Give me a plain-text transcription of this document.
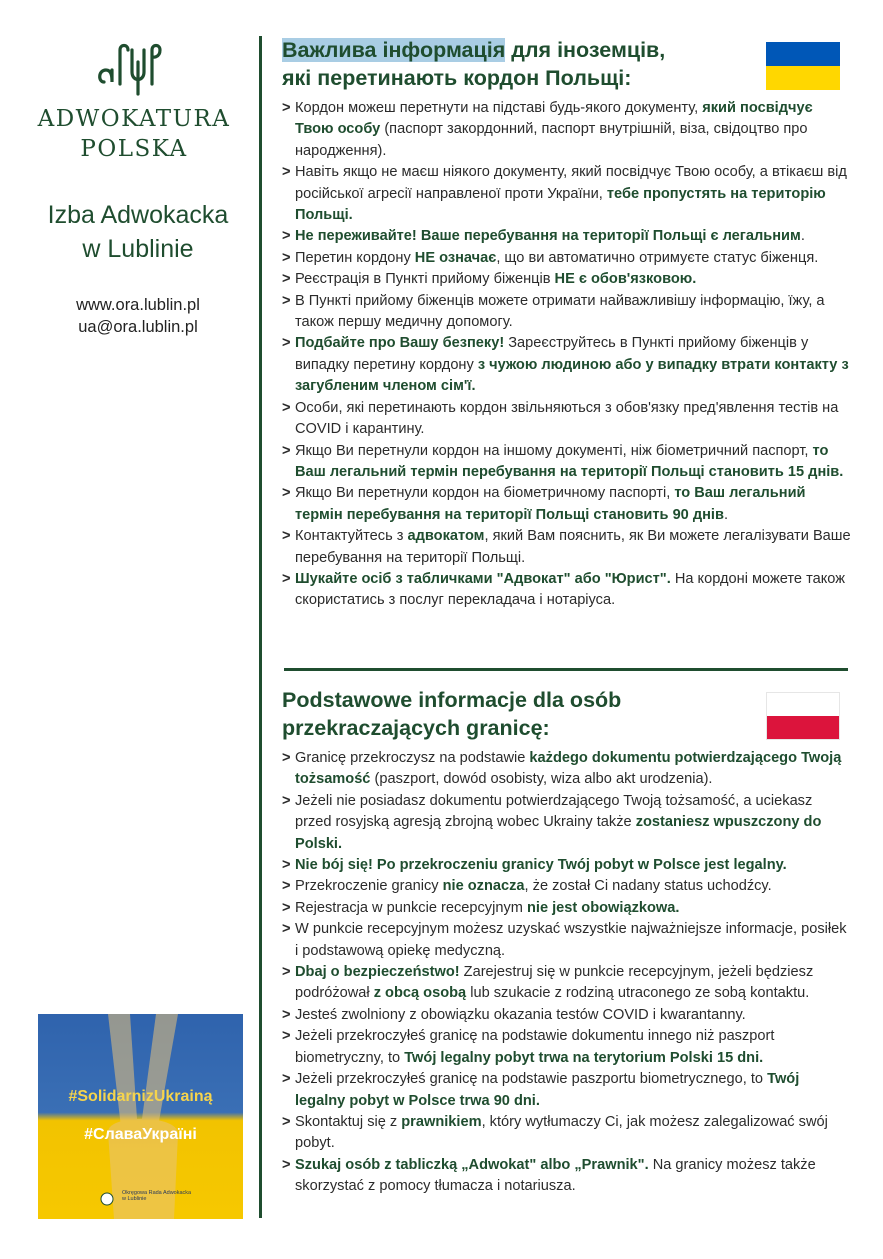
ADWOKATURA
POLSKA
Izba Adwokacka
w Lublinie
www.ora.lublin.pl
ua@ora.lublin.pl
#SolidarnizUkrainą
#СлаваУкраїні
Okręgowa Rada Adwokacka w Lublinie
Важлива інформація для іноземців,
які перетинають кордон Польщі:
> Кордон можеш перетнути на підставі будь-якого документу, який посвідчує Твою особу (паспорт закордонний, паспорт внутрішній, віза, свідоцтво про народження).
> Навіть якщо не маєш ніякого документу, який посвідчує Твою особу, а втікаєш від російської агресії направленої проти України, тебе пропустять на територію Польщі.
> Не переживайте! Ваше перебування на території Польщі є легальним.
> Перетин кордону НЕ означає, що ви автоматично отримуєте статус біженця.
> Реєстрація в Пункті прийому біженців НЕ є обов'язковою.
> В Пункті прийому біженців можете отримати найважливішу інформацію, їжу, а також першу медичну допомогу.
> Подбайте про Вашу безпеку! Зареєструйтесь в Пункті прийому біженців у випадку перетину кордону з чужою людиною або у випадку втрати контакту з загубленим членом сім'ї.
> Особи, які перетинають кордон звільняються з обов'язку пред'явлення тестів на COVID і карантину.
> Якщо Ви перетнули кордон на іншому документі, ніж біометричний паспорт, то Ваш легальний термін перебування на території Польщі становить 15 днів.
> Якщо Ви перетнули кордон на біометричному паспорті, то Ваш легальний термін перебування на території Польщі становить 90 днів.
> Контактуйтесь з адвокатом, який Вам пояснить, як Ви можете легалізувати Ваше перебування на території Польщі.
> Шукайте осіб з табличками "Адвокат" або "Юрист". На кордоні можете також скористатись з послуг перекладача і нотаріуса.
Podstawowe informacje dla osób
przekraczających granicę:
> Granicę przekroczysz na podstawie każdego dokumentu potwierdzającego Twoją tożsamość (paszport, dowód osobisty, wiza albo akt urodzenia).
> Jeżeli nie posiadasz dokumentu potwierdzającego Twoją tożsamość, a uciekasz przed rosyjską agresją zbrojną wobec Ukrainy także zostaniesz wpuszczony do Polski.
> Nie bój się! Po przekroczeniu granicy Twój pobyt w Polsce jest legalny.
> Przekroczenie granicy nie oznacza, że został Ci nadany status uchodźcy.
> Rejestracja w punkcie recepcyjnym nie jest obowiązkowa.
> W punkcie recepcyjnym możesz uzyskać wszystkie najważniejsze informacje, posiłek i podstawową opiekę medyczną.
> Dbaj o bezpieczeństwo! Zarejestruj się w punkcie recepcyjnym, jeżeli będziesz podróżował z obcą osobą lub szukacie z rodziną utraconego ze sobą kontaktu.
> Jesteś zwolniony z obowiązku okazania testów COVID i kwarantanny.
> Jeżeli przekroczyłeś granicę na podstawie dokumentu innego niż paszport biometryczny, to Twój legalny pobyt trwa na terytorium Polski 15 dni.
> Jeżeli przekroczyłeś granicę na podstawie paszportu biometrycznego, to Twój legalny pobyt w Polsce trwa 90 dni.
> Skontaktuj się z prawnikiem, który wytłumaczy Ci, jak możesz zalegalizować swój pobyt.
> Szukaj osób z tabliczką „Adwokat" albo „Prawnik". Na granicy możesz także skorzystać z pomocy tłumacza i notariusza.
